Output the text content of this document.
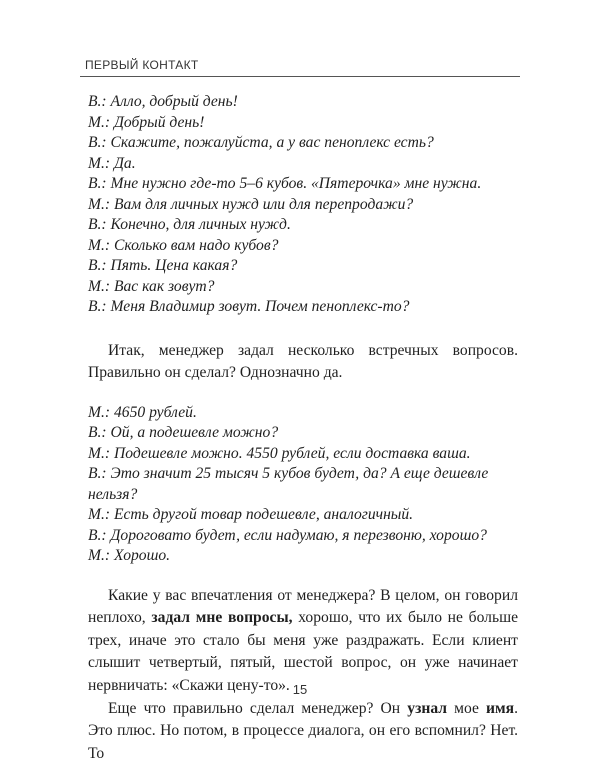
ПЕРВЫЙ КОНТАКТ
В.: Алло, добрый день!
М.: Добрый день!
В.: Скажите, пожалуйста, а у вас пеноплекс есть?
М.: Да.
В.: Мне нужно где-то 5–6 кубов. «Пятерочка» мне нужна.
М.: Вам для личных нужд или для перепродажи?
В.: Конечно, для личных нужд.
М.: Сколько вам надо кубов?
В.: Пять. Цена какая?
М.: Вас как зовут?
В.: Меня Владимир зовут. Почем пеноплекс-то?

Итак, менеджер задал несколько встречных вопросов. Правильно он сделал? Однозначно да.

М.: 4650 рублей.
В.: Ой, а подешевле можно?
М.: Подешевле можно. 4550 рублей, если доставка ваша.
В.: Это значит 25 тысяч 5 кубов будет, да? А еще дешевле нельзя?
М.: Есть другой товар подешевле, аналогичный.
В.: Дороговато будет, если надумаю, я перезвоню, хорошо?
М.: Хорошо.

Какие у вас впечатления от менеджера? В целом, он говорил неплохо, задал мне вопросы, хорошо, что их было не больше трех, иначе это стало бы меня уже раздражать. Если клиент слышит четвертый, пятый, шестой вопрос, он уже начинает нервничать: «Скажи цену-то».

Еще что правильно сделал менеджер? Он узнал мое имя. Это плюс. Но потом, в процессе диалога, он его вспомнил? Нет. То

15
